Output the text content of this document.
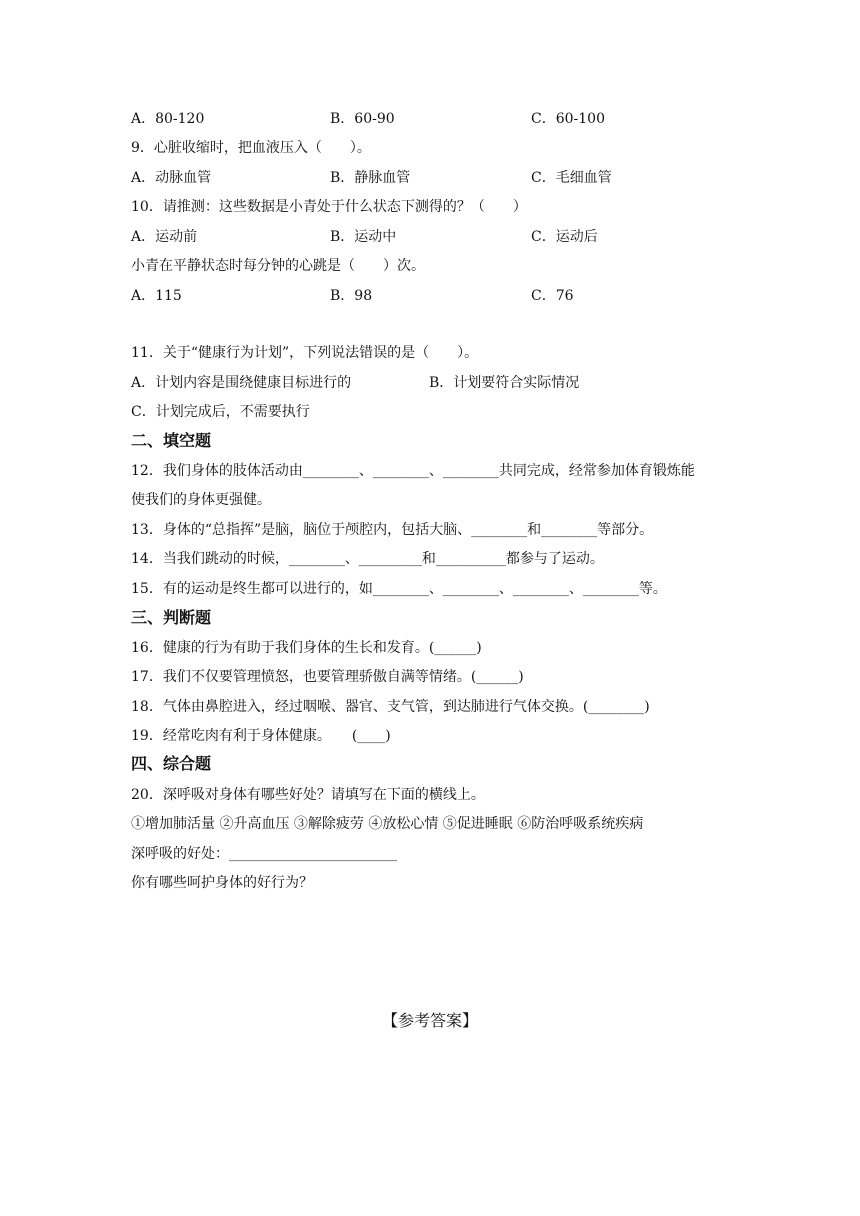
A．80-120	B．60-90	C．60-100
9．心脏收缩时，把血液压入（　　）。
A．动脉血管	B．静脉血管	C．毛细血管
10．请推测：这些数据是小青处于什么状态下测得的？（　　）
A．运动前	B．运动中	C．运动后
小青在平静状态时每分钟的心跳是（　　）次。
A．115	B．98	C．76
11．关于“健康行为计划”，下列说法错误的是（　　）。
A．计划内容是围绕健康目标进行的	B．计划要符合实际情况
C．计划完成后，不需要执行
二、填空题
12．我们身体的肢体活动由________、________、________共同完成，经常参加体育锻炼能
使我们的身体更强健。
13．身体的“总指挥”是脑，脑位于颅腔内，包括大脑、________和________等部分。
14．当我们跳动的时候，________、_________和__________都参与了运动。
15．有的运动是终生都可以进行的，如________、________、________、________等。
三、判断题
16．健康的行为有助于我们身体的生长和发育。(______)
17．我们不仅要管理愤怒，也要管理骄傲自满等情绪。(______)
18．气体由鼻腔进入，经过咽喉、器官、支气管，到达肺进行气体交换。(________)
19．经常吃肉有利于身体健康。　　(____)
四、综合题
20．深呼吸对身体有哪些好处？请填写在下面的横线上。
①增加肺活量 ②升高血压 ③解除疲劳 ④放松心情 ⑤促进睡眠 ⑥防治呼吸系统疾病
深呼吸的好处：________________________
你有哪些呵护身体的好行为？
【参考答案】
